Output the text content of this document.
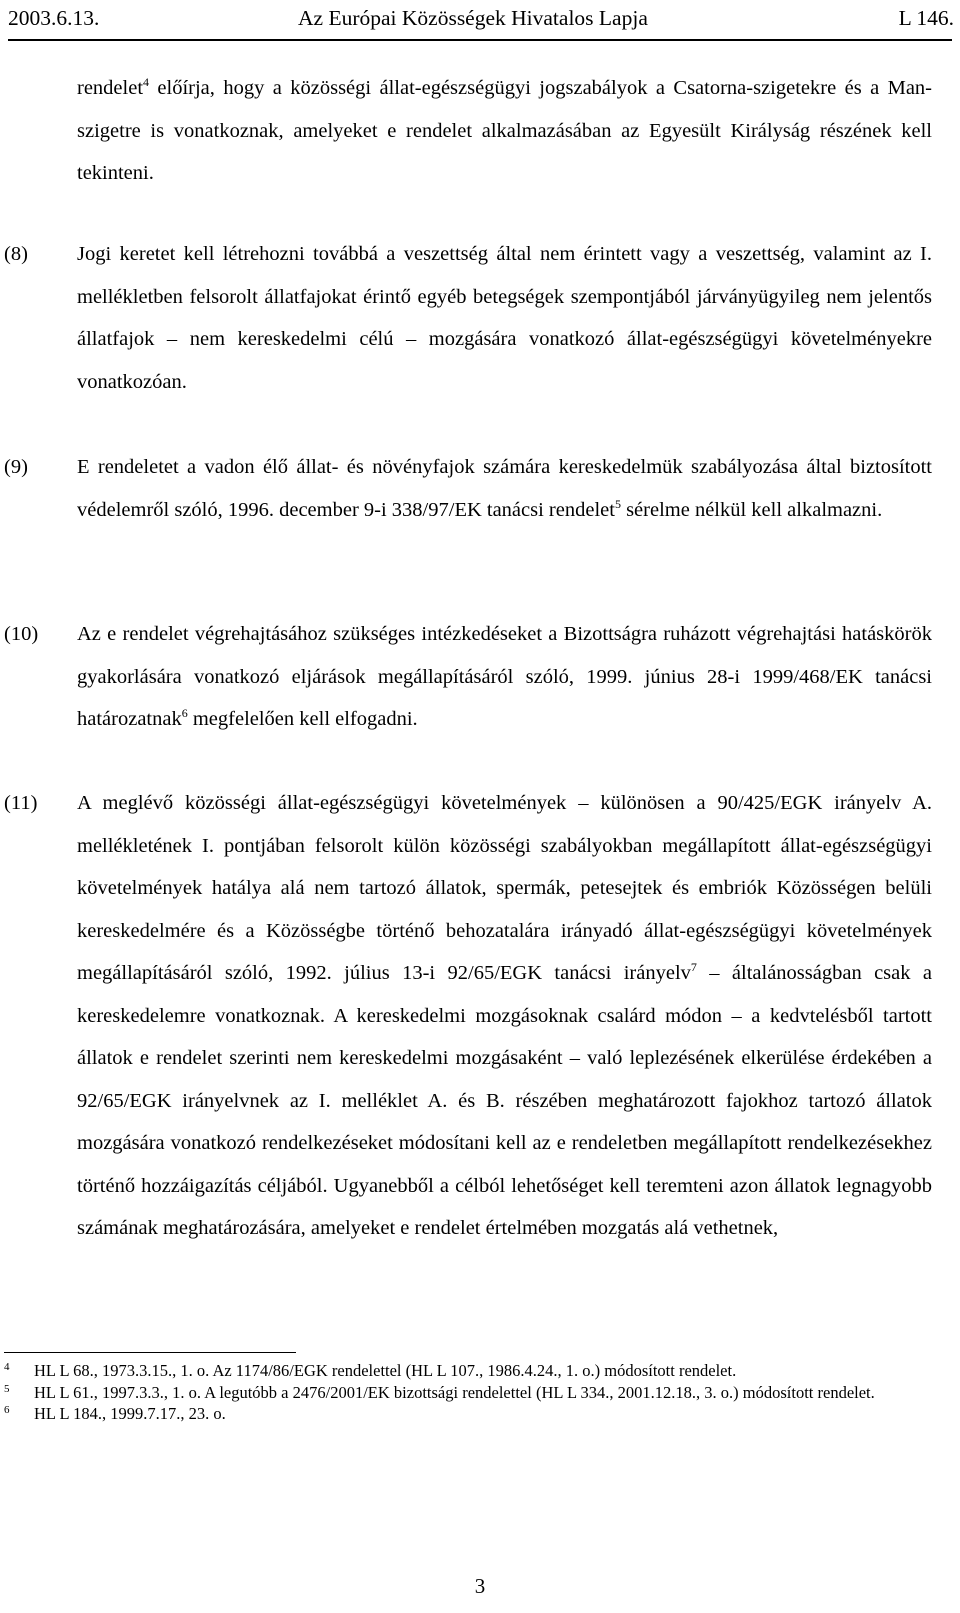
2003.6.13.	Az Európai Közösségek Hivatalos Lapja	L 146.
rendelet$^4$ előírja, hogy a közösségi állat-egészségügyi jogszabályok a Csatorna-szigetekre és a Man-szigetre is vonatkoznak, amelyeket e rendelet alkalmazásában az Egyesült Királyság részének kell tekinteni.
(8) Jogi keretet kell létrehozni továbbá a veszettség által nem érintett vagy a veszettség, valamint az I. mellékletben felsorolt állatfajokat érintő egyéb betegségek szempontjából járványügyileg nem jelentős állatfajok – nem kereskedelmi célú – mozgására vonatkozó állat-egészségügyi követelményekre vonatkozóan.
(9) E rendeletet a vadon élő állat- és növényfajok számára kereskedelmük szabályozása által biztosított védelemről szóló, 1996. december 9-i 338/97/EK tanácsi rendelet$^5$ sérelme nélkül kell alkalmazni.
(10) Az e rendelet végrehajtásához szükséges intézkedéseket a Bizottságra ruházott végrehajtási hatáskörök gyakorlására vonatkozó eljárások megállapításáról szóló, 1999. június 28-i 1999/468/EK tanácsi határozatnak$^6$ megfelelően kell elfogadni.
(11) A meglévő közösségi állat-egészségügyi követelmények – különösen a 90/425/EGK irányelv A. mellékletének I. pontjában felsorolt külön közösségi szabályokban megállapított állat-egészségügyi követelmények hatálya alá nem tartozó állatok, spermák, petesejtek és embriók Közösségen belüli kereskedelmére és a Közösségbe történő behozatalára irányadó állat-egészségügyi követelmények megállapításáról szóló, 1992. július 13-i 92/65/EGK tanácsi irányelv$^7$ – általánosságban csak a kereskedelemre vonatkoznak. A kereskedelmi mozgásoknak csalárd módon – a kedvtelésből tartott állatok e rendelet szerinti nem kereskedelmi mozgásaként – való leplezésének elkerülése érdekében a 92/65/EGK irányelvnek az I. melléklet A. és B. részében meghatározott fajokhoz tartozó állatok mozgására vonatkozó rendelkezéseket módosítani kell az e rendeletben megállapított rendelkezésekhez történő hozzáigazítás céljából. Ugyanebből a célból lehetőséget kell teremteni azon állatok legnagyobb számának meghatározására, amelyeket e rendelet értelmében mozgatás alá vethetnek,
4 HL L 68., 1973.3.15., 1. o. Az 1174/86/EGK rendelettel (HL L 107., 1986.4.24., 1. o.) módosított rendelet.
5 HL L 61., 1997.3.3., 1. o. A legutóbb a 2476/2001/EK bizottsági rendelettel (HL L 334., 2001.12.18., 3. o.) módosított rendelet.
6 HL L 184., 1999.7.17., 23. o.
3
